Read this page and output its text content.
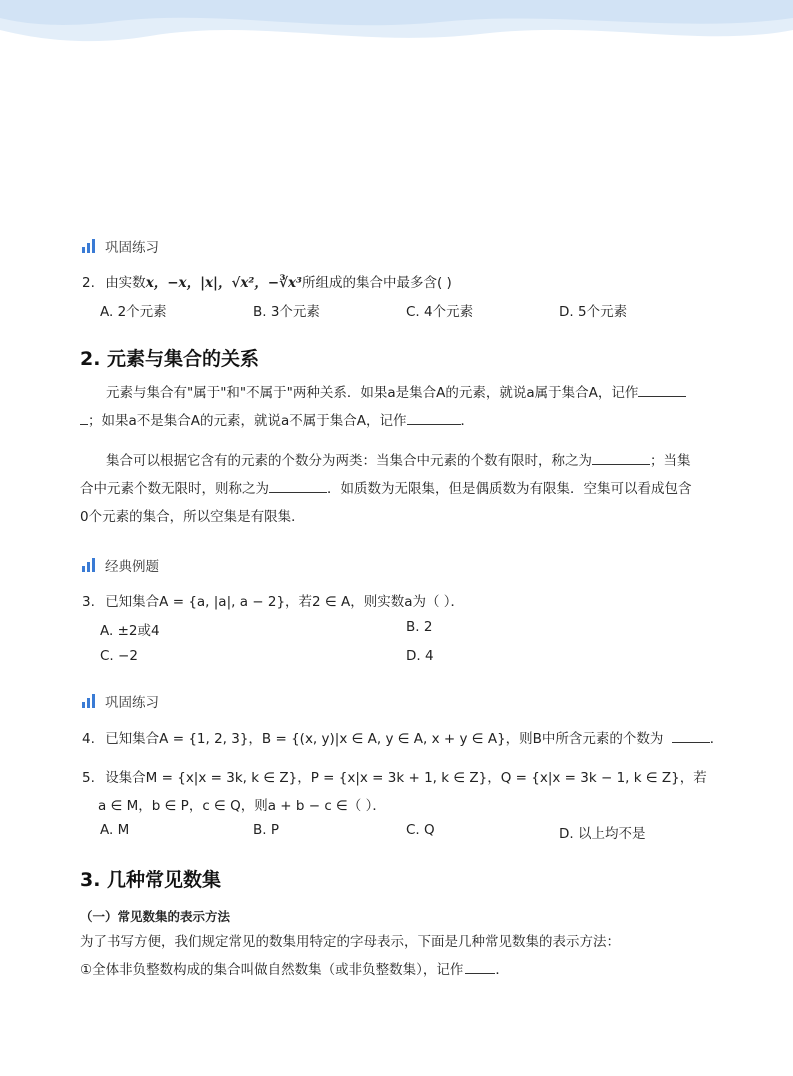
巩固练习
2. 由实数x，−x，|x|，√x²，−∛x³所组成的集合中最多含( )
A. 2个元素	B. 3个元素	C. 4个元素	D. 5个元素
2. 元素与集合的关系
元素与集合有"属于"和"不属于"两种关系．如果a是集合A的元素，就说a属于集合A，记作
；如果a不是集合A的元素，就说a不属于集合A，记作	．
集合可以根据它含有的元素的个数分为两类：当集合中元素的个数有限时，称之为	；当集
合中元素个数无限时，则称之为	．如质数为无限集，但是偶质数为有限集．空集可以看成包含
0个元素的集合，所以空集是有限集．
经典例题
3. 已知集合A = {a, |a|, a − 2}，若2 ∈ A，则实数a为（ ）．
A. ±2或4	B. 2
C. −2	D. 4
巩固练习
4. 已知集合A = {1, 2, 3}，B = {(x, y)|x ∈ A, y ∈ A, x + y ∈ A}，则B中所含元素的个数为	．
5. 设集合M = {x|x = 3k, k ∈ Z}，P = {x|x = 3k + 1, k ∈ Z}，Q = {x|x = 3k − 1, k ∈ Z}，若
a ∈ M，b ∈ P，c ∈ Q，则a + b − c ∈（ ）．
A. M	B. P	C. Q	D. 以上均不是
3. 几种常见数集
（一）常见数集的表示方法
为了书写方便，我们规定常见的数集用特定的字母表示，下面是几种常见数集的表示方法：
①全体非负整数构成的集合叫做自然数集（或非负整数集），记作 ．
